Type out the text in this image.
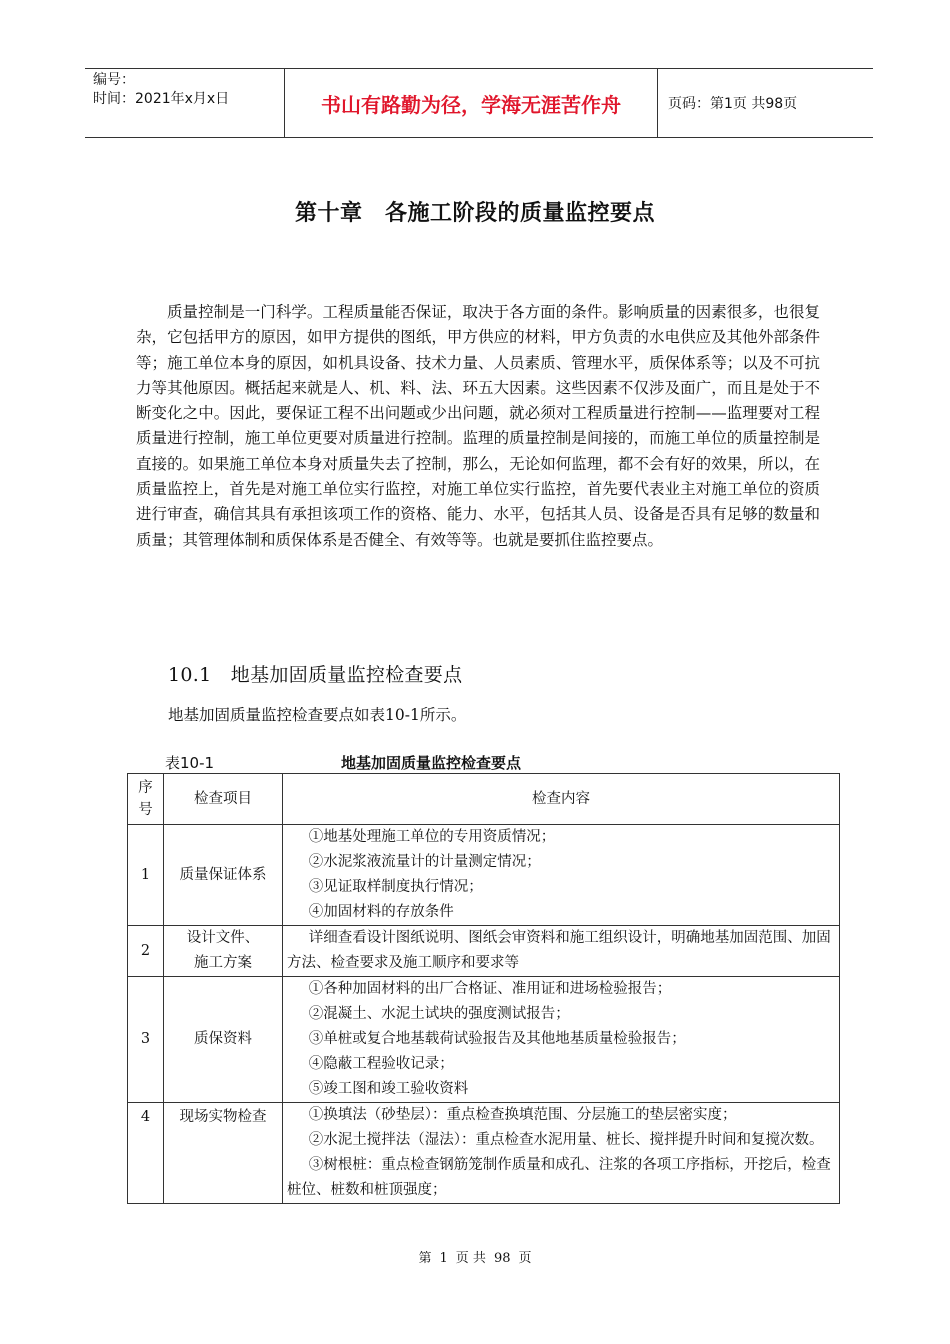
编号：
时间：2021年x月x日	书山有路勤为径，学海无涯苦作舟	页码：第1页 共98页
第十章　各施工阶段的质量监控要点

质量控制是一门科学。工程质量能否保证，取决于各方面的条件。影响质量的因素很多，也很复杂，它包括甲方的原因，如甲方提供的图纸，甲方供应的材料，甲方负责的水电供应及其他外部条件等；施工单位本身的原因，如机具设备、技术力量、人员素质、管理水平，质保体系等；以及不可抗力等其他原因。概括起来就是人、机、料、法、环五大因素。这些因素不仅涉及面广，而且是处于不断变化之中。因此，要保证工程不出问题或少出问题，就必须对工程质量进行控制——监理要对工程质量进行控制，施工单位更要对质量进行控制。监理的质量控制是间接的，而施工单位的质量控制是直接的。如果施工单位本身对质量失去了控制，那么，无论如何监理，都不会有好的效果，所以，在质量监控上，首先是对施工单位实行监控，对施工单位实行监控，首先要代表业主对施工单位的资质进行审查，确信其具有承担该项工作的资格、能力、水平，包括其人员、设备是否具有足够的数量和质量；其管理体制和质保体系是否健全、有效等等。也就是要抓住监控要点。

10.1　地基加固质量监控检查要点
地基加固质量监控检查要点如表10-1所示。
表10-1	地基加固质量监控检查要点
序
号	检查项目	检查内容
1	质量保证体系	①地基处理施工单位的专用资质情况；
②水泥浆液流量计的计量测定情况；
③见证取样制度执行情况；
④加固材料的存放条件

2	设计文件、
施工方案	详细查看设计图纸说明、图纸会审资料和施工组织设计，明确地基加固范围、加固方法、检查要求及施工顺序和要求等

3	质保资料	①各种加固材料的出厂合格证、准用证和进场检验报告；
②混凝土、水泥土试块的强度测试报告；
③单桩或复合地基载荷试验报告及其他地基质量检验报告；
④隐蔽工程验收记录；
⑤竣工图和竣工验收资料

4	现场实物检查	①换填法（砂垫层）：重点检查换填范围、分层施工的垫层密实度；
②水泥土搅拌法（湿法）：重点检查水泥用量、桩长、搅拌提升时间和复搅次数。
③树根桩：重点检查钢筋笼制作质量和成孔、注浆的各项工序指标，开挖后，检查桩位、桩数和桩顶强度；
第 1 页 共 98 页
